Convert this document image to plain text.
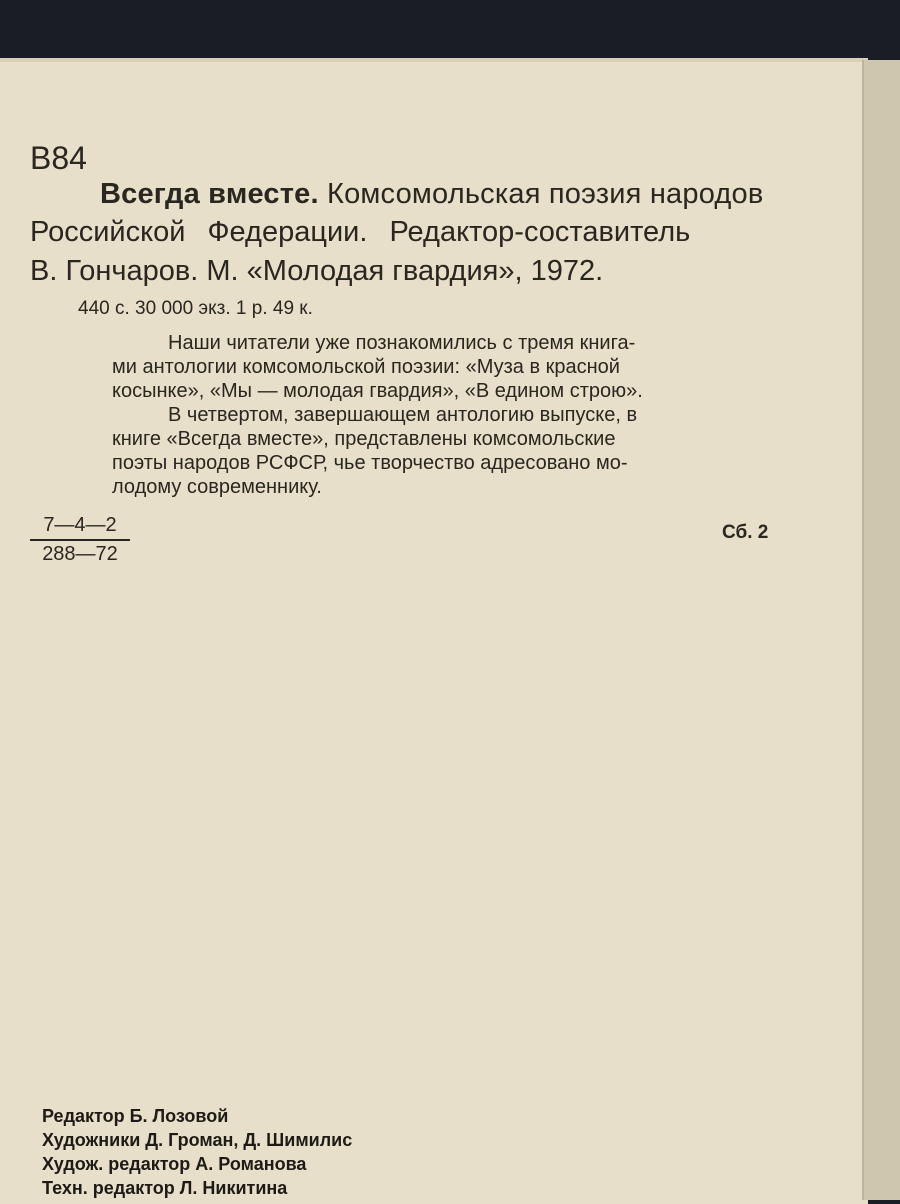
В84
Всегда вместе. Комсомольская поэзия народов
Российской Федерации. Редактор-составитель
В. Гончаров. М. «Молодая гвардия», 1972.
440 с. 30 000 экз. 1 р. 49 к.
Наши читатели уже познакомились с тремя книга-
ми антологии комсомольской поэзии: «Муза в красной
косынке», «Мы — молодая гвардия», «В едином строю».
В четвертом, завершающем антологию выпуске, в
книге «Всегда вместе», представлены комсомольские
поэты народов РСФСР, чье творчество адресовано мо-
лодому современнику.
$\frac{7—4—2}{288—72}$	Сб. 2
Редактор Б. Лозовой
Художники Д. Громан, Д. Шимилис
Худож. редактор А. Романова
Техн. редактор Л. Никитина
